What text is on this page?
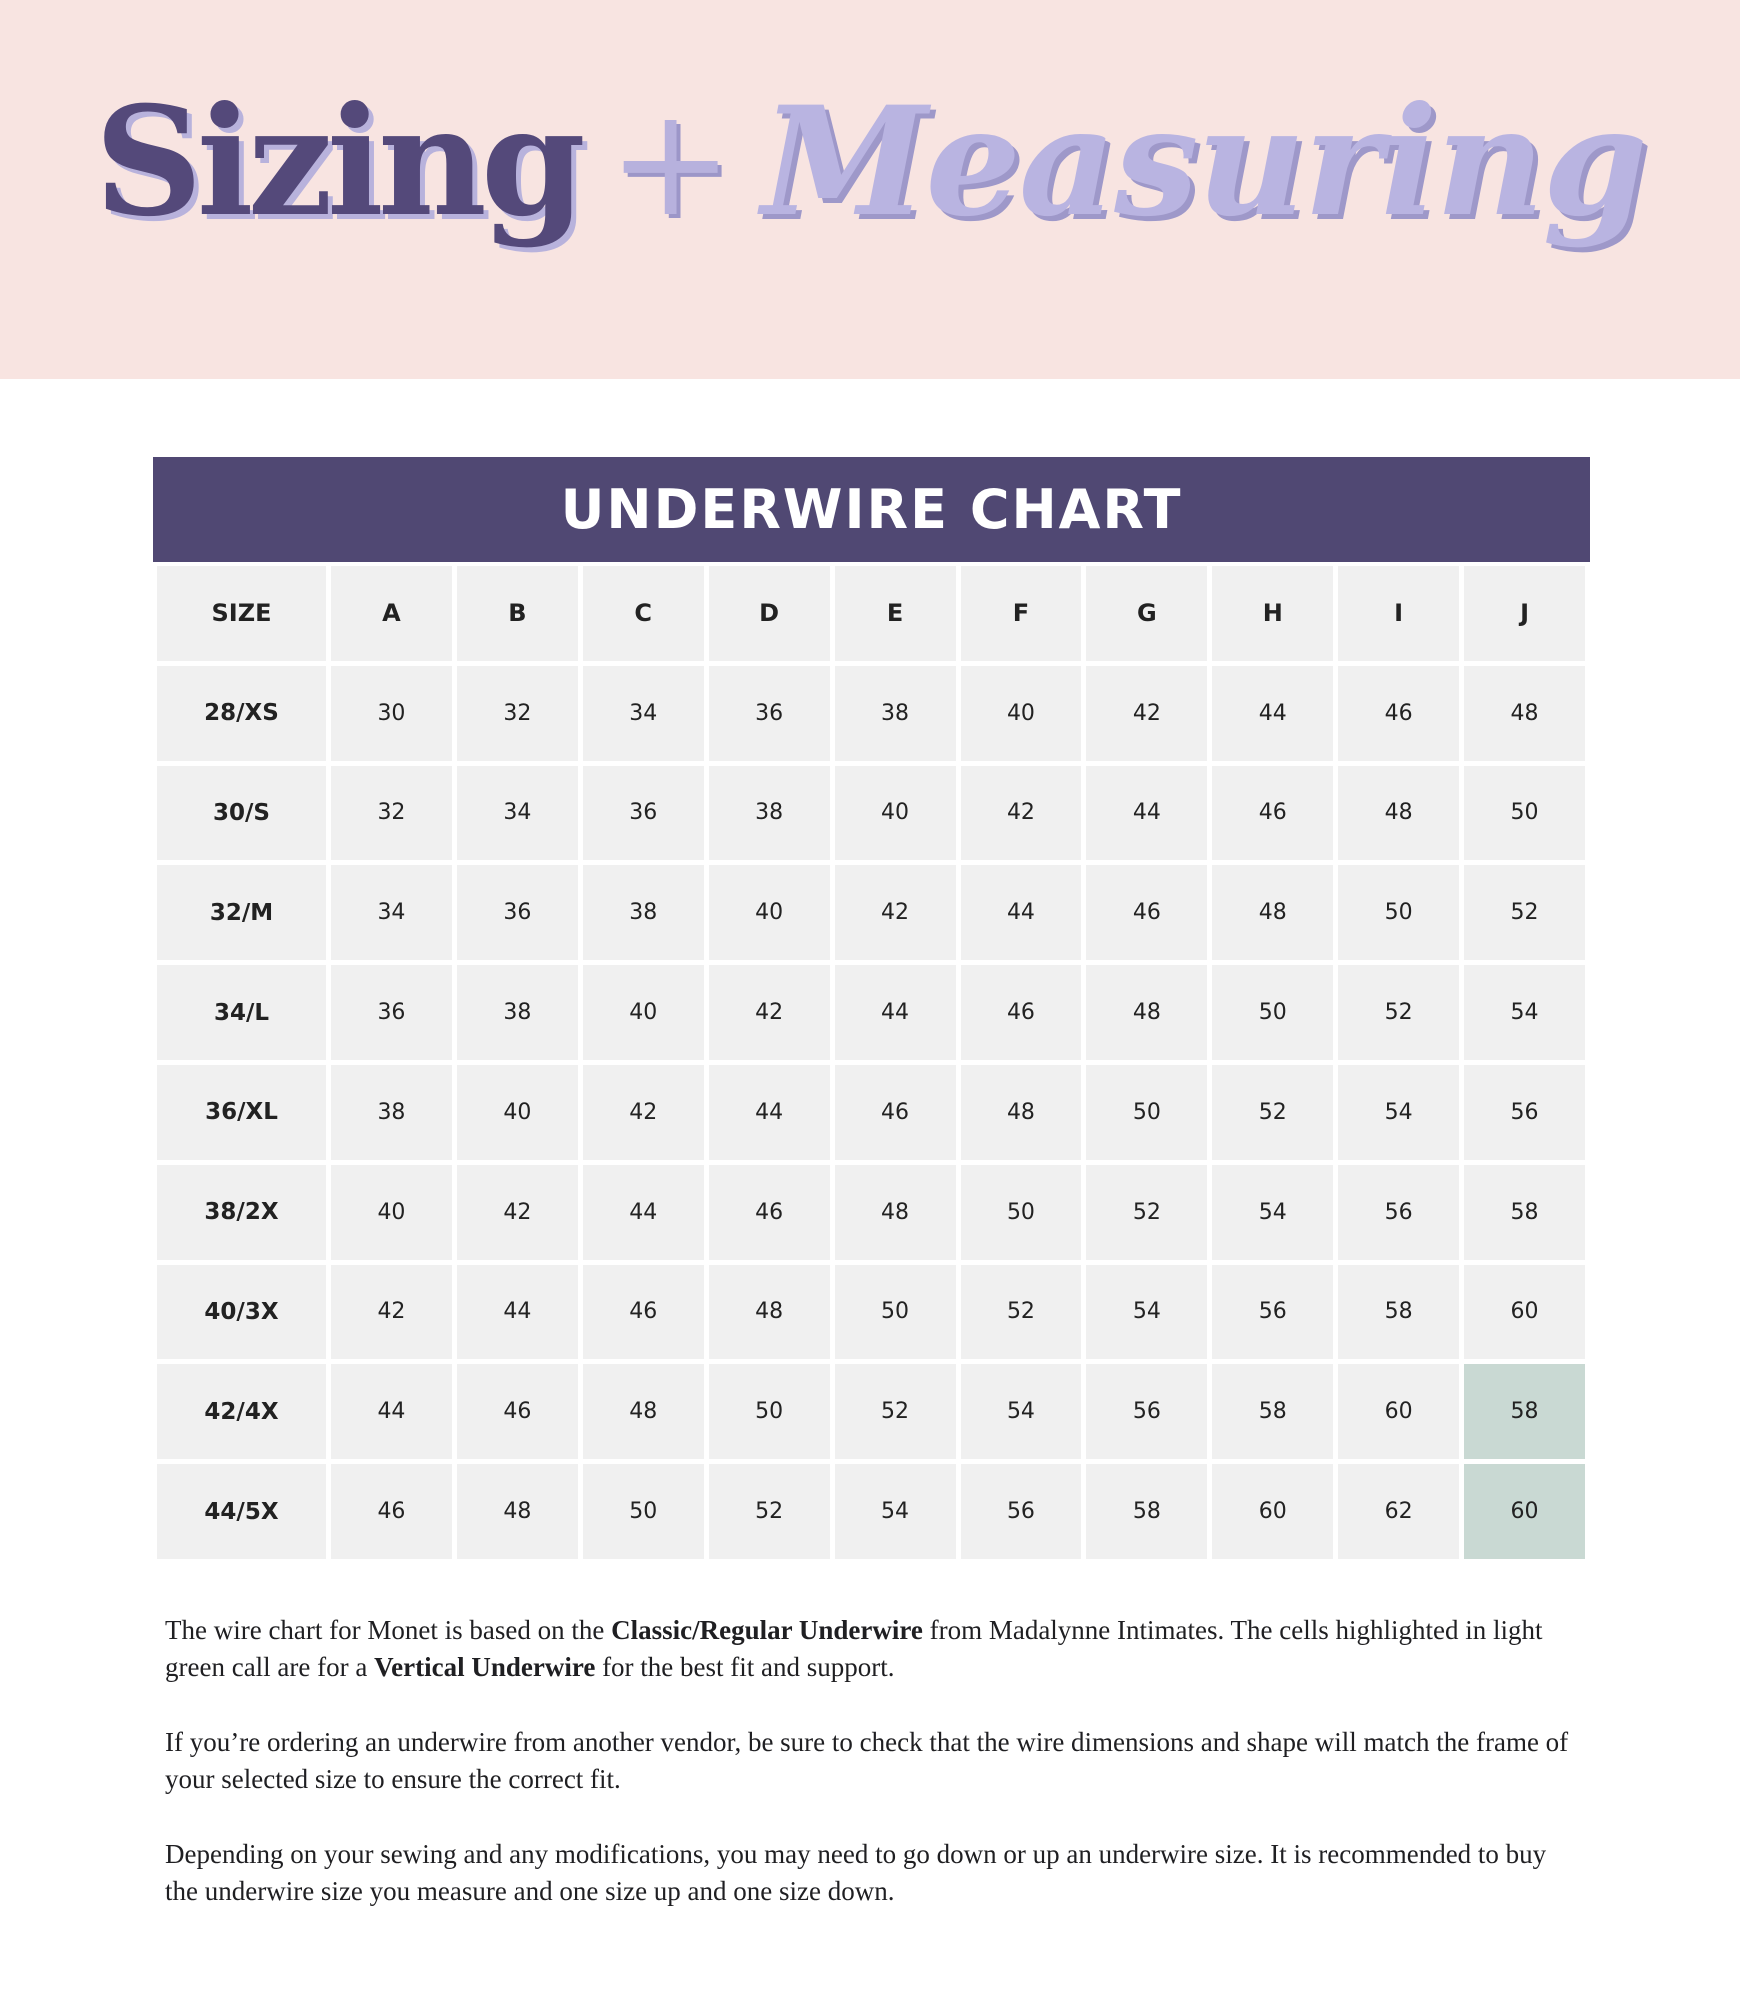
Sizing + Measuring
UNDERWIRE CHART
SIZE	A	B	C	D	E	F	G	H	I	J
28/XS	30	32	34	36	38	40	42	44	46	48
30/S	32	34	36	38	40	42	44	46	48	50
32/M	34	36	38	40	42	44	46	48	50	52
34/L	36	38	40	42	44	46	48	50	52	54
36/XL	38	40	42	44	46	48	50	52	54	56
38/2X	40	42	44	46	48	50	52	54	56	58
40/3X	42	44	46	48	50	52	54	56	58	60
42/4X	44	46	48	50	52	54	56	58	60	58
44/5X	46	48	50	52	54	56	58	60	62	60

The wire chart for Monet is based on the Classic/Regular Underwire from Madalynne Intimates. The cells highlighted in light green call are for a Vertical Underwire for the best fit and support.

If you’re ordering an underwire from another vendor, be sure to check that the wire dimensions and shape will match the frame of your selected size to ensure the correct fit.

Depending on your sewing and any modifications, you may need to go down or up an underwire size. It is recommended to buy the underwire size you measure and one size up and one size down.
